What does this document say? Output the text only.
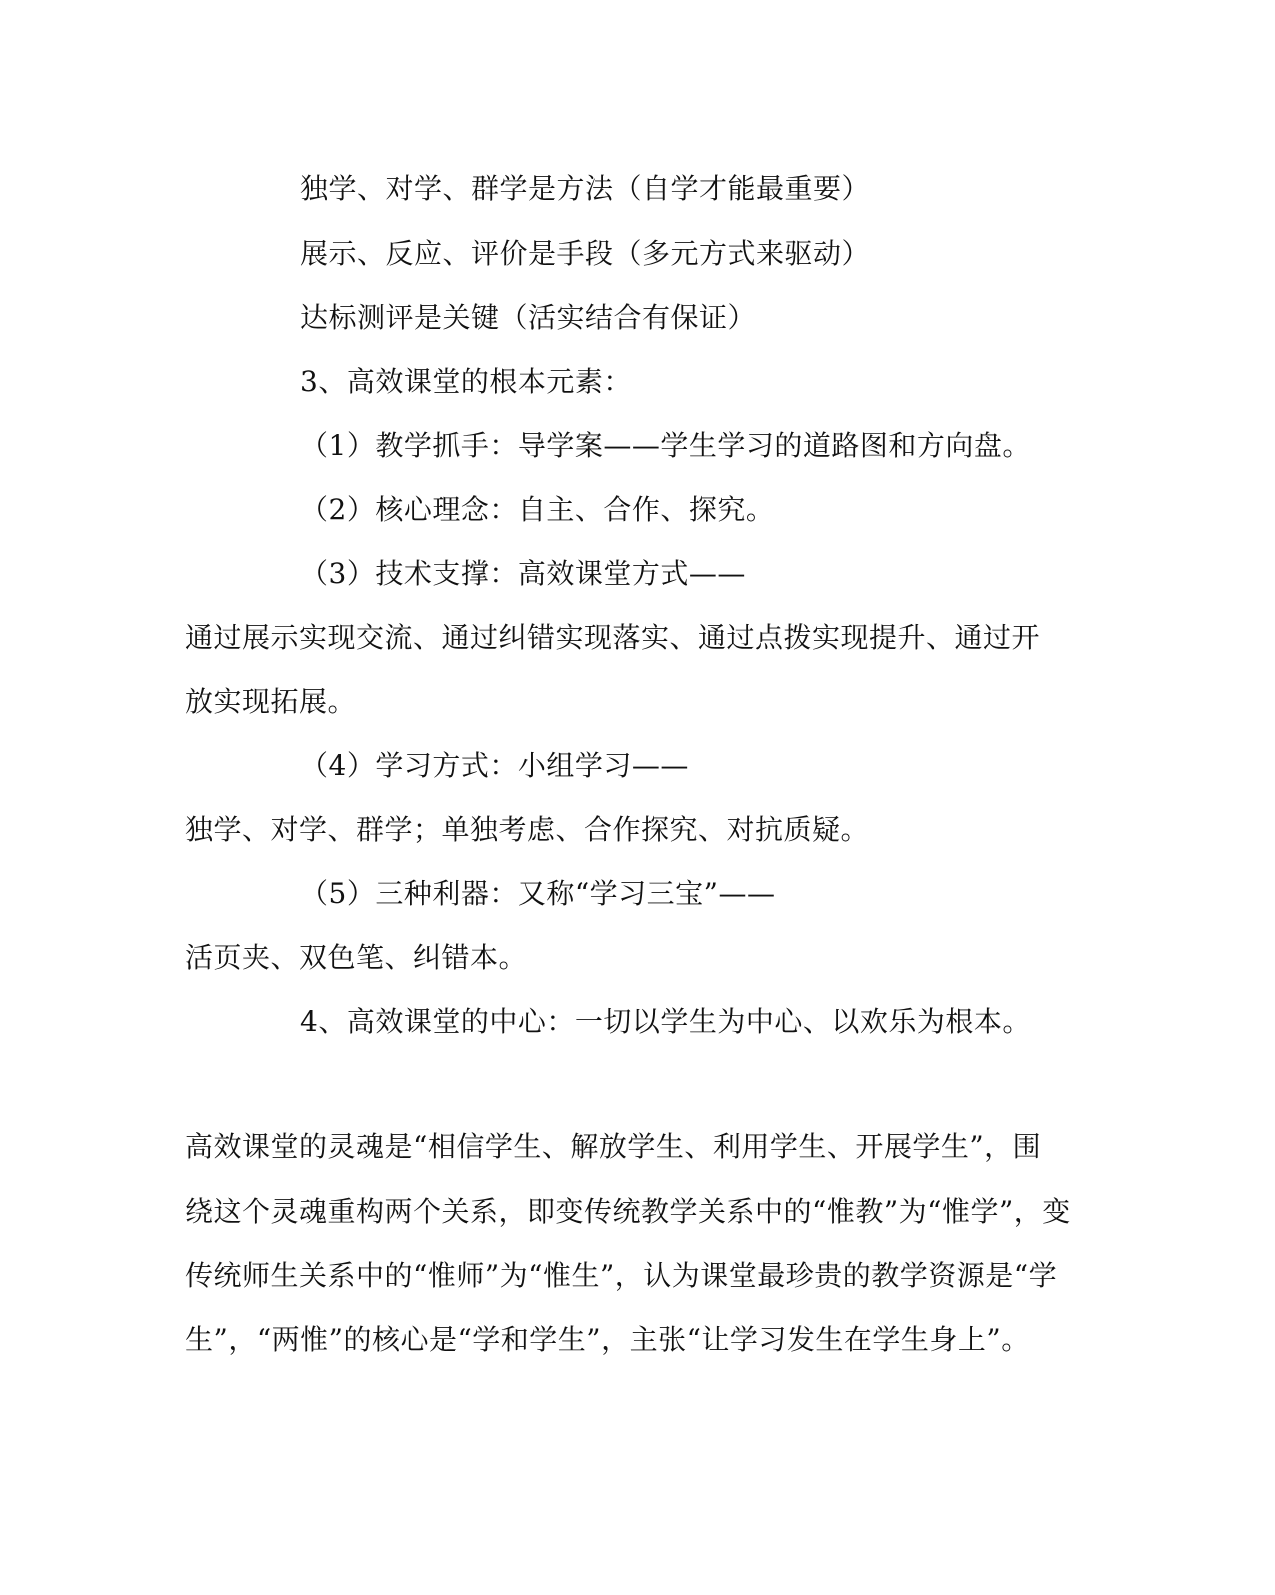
独学、对学、群学是方法（自学才能最重要）
展示、反应、评价是手段（多元方式来驱动）
达标测评是关键（活实结合有保证）
3、高效课堂的根本元素：
（1）教学抓手：导学案——学生学习的道路图和方向盘。
（2）核心理念：自主、合作、探究。
（3）技术支撑：高效课堂方式——
通过展示实现交流、通过纠错实现落实、通过点拨实现提升、通过开
放实现拓展。
（4）学习方式：小组学习——
独学、对学、群学；单独考虑、合作探究、对抗质疑。
（5）三种利器：又称“学习三宝”——
活页夹、双色笔、纠错本。
4、高效课堂的中心：一切以学生为中心、以欢乐为根本。
高效课堂的灵魂是“相信学生、解放学生、利用学生、开展学生”，围
绕这个灵魂重构两个关系，即变传统教学关系中的“惟教”为“惟学”，变
传统师生关系中的“惟师”为“惟生”，认为课堂最珍贵的教学资源是“学
生”，“两惟”的核心是“学和学生”，主张“让学习发生在学生身上”。
